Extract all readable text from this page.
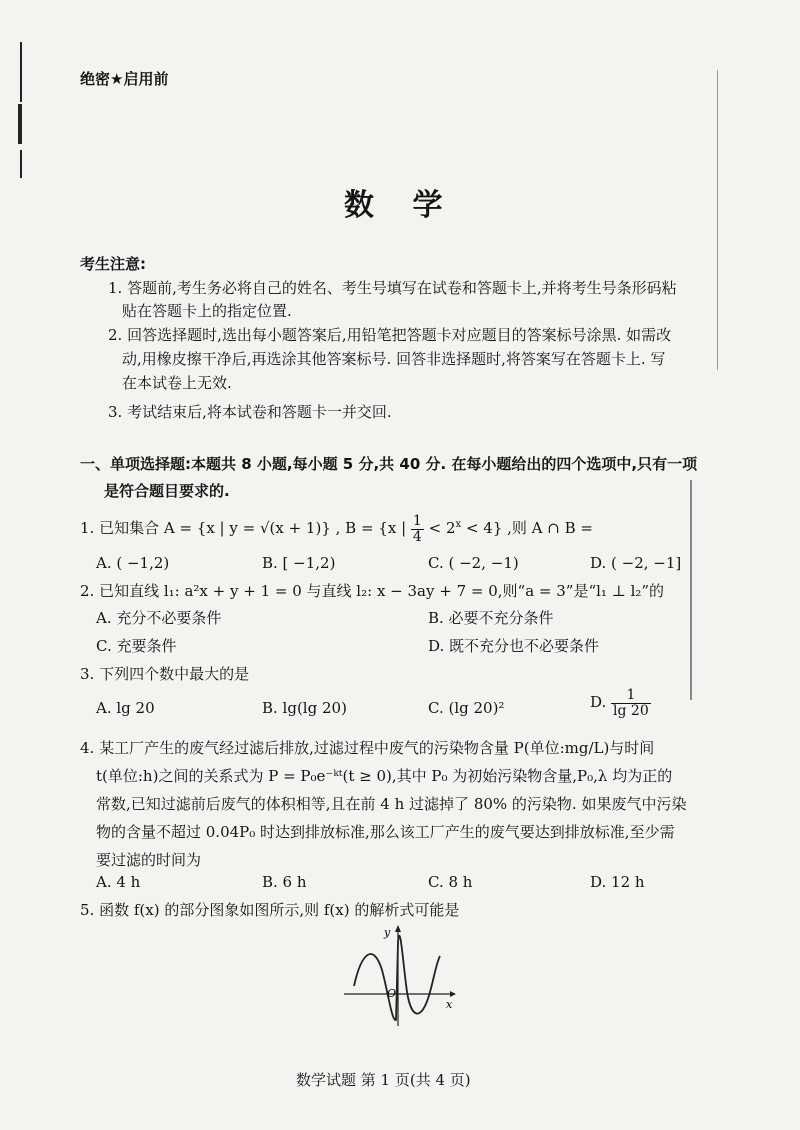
绝密★启用前
数 学
考生注意:
1. 答题前,考生务必将自己的姓名、考生号填写在试卷和答题卡上,并将考生号条形码粘
贴在答题卡上的指定位置.
2. 回答选择题时,选出每小题答案后,用铅笔把答题卡对应题目的答案标号涂黑. 如需改
动,用橡皮擦干净后,再选涂其他答案标号. 回答非选择题时,将答案写在答题卡上. 写
在本试卷上无效.
3. 考试结束后,将本试卷和答题卡一并交回.
一、单项选择题:本题共 8 小题,每小题 5 分,共 40 分. 在每小题给出的四个选项中,只有一项
是符合题目要求的.
1. 已知集合 A = {x | y = √(x + 1)} , B = {x | $\frac{1}{4} < 2^x < 4$} ,则 A ∩ B =
A. ( −1,2)	B. [ −1,2)	C. ( −2, −1)	D. ( −2, −1]
2. 已知直线 l₁: a²x + y + 1 = 0 与直线 l₂: x − 3ay + 7 = 0,则“a = 3”是“l₁ ⊥ l₂”的
A. 充分不必要条件	B. 必要不充分条件
C. 充要条件	D. 既不充分也不必要条件
3. 下列四个数中最大的是
A. lg 20	B. lg(lg 20)	C. (lg 20)²	D. $\frac{1}{\lg 20}$
4. 某工厂产生的废气经过滤后排放,过滤过程中废气的污染物含量 P(单位:mg/L)与时间
t(单位:h)之间的关系式为 P = P₀e⁻ᵏᵗ(t ≥ 0),其中 P₀ 为初始污染物含量,P₀,λ 均为正的
常数,已知过滤前后废气的体积相等,且在前 4 h 过滤掉了 80% 的污染物. 如果废气中污染
物的含量不超过 0.04P₀ 时达到排放标准,那么该工厂产生的废气要达到排放标准,至少需
要过滤的时间为
A. 4 h	B. 6 h	C. 8 h	D. 12 h
5. 函数 f(x) 的部分图象如图所示,则 f(x) 的解析式可能是
y
x
O
数学试题 第 1 页(共 4 页)
